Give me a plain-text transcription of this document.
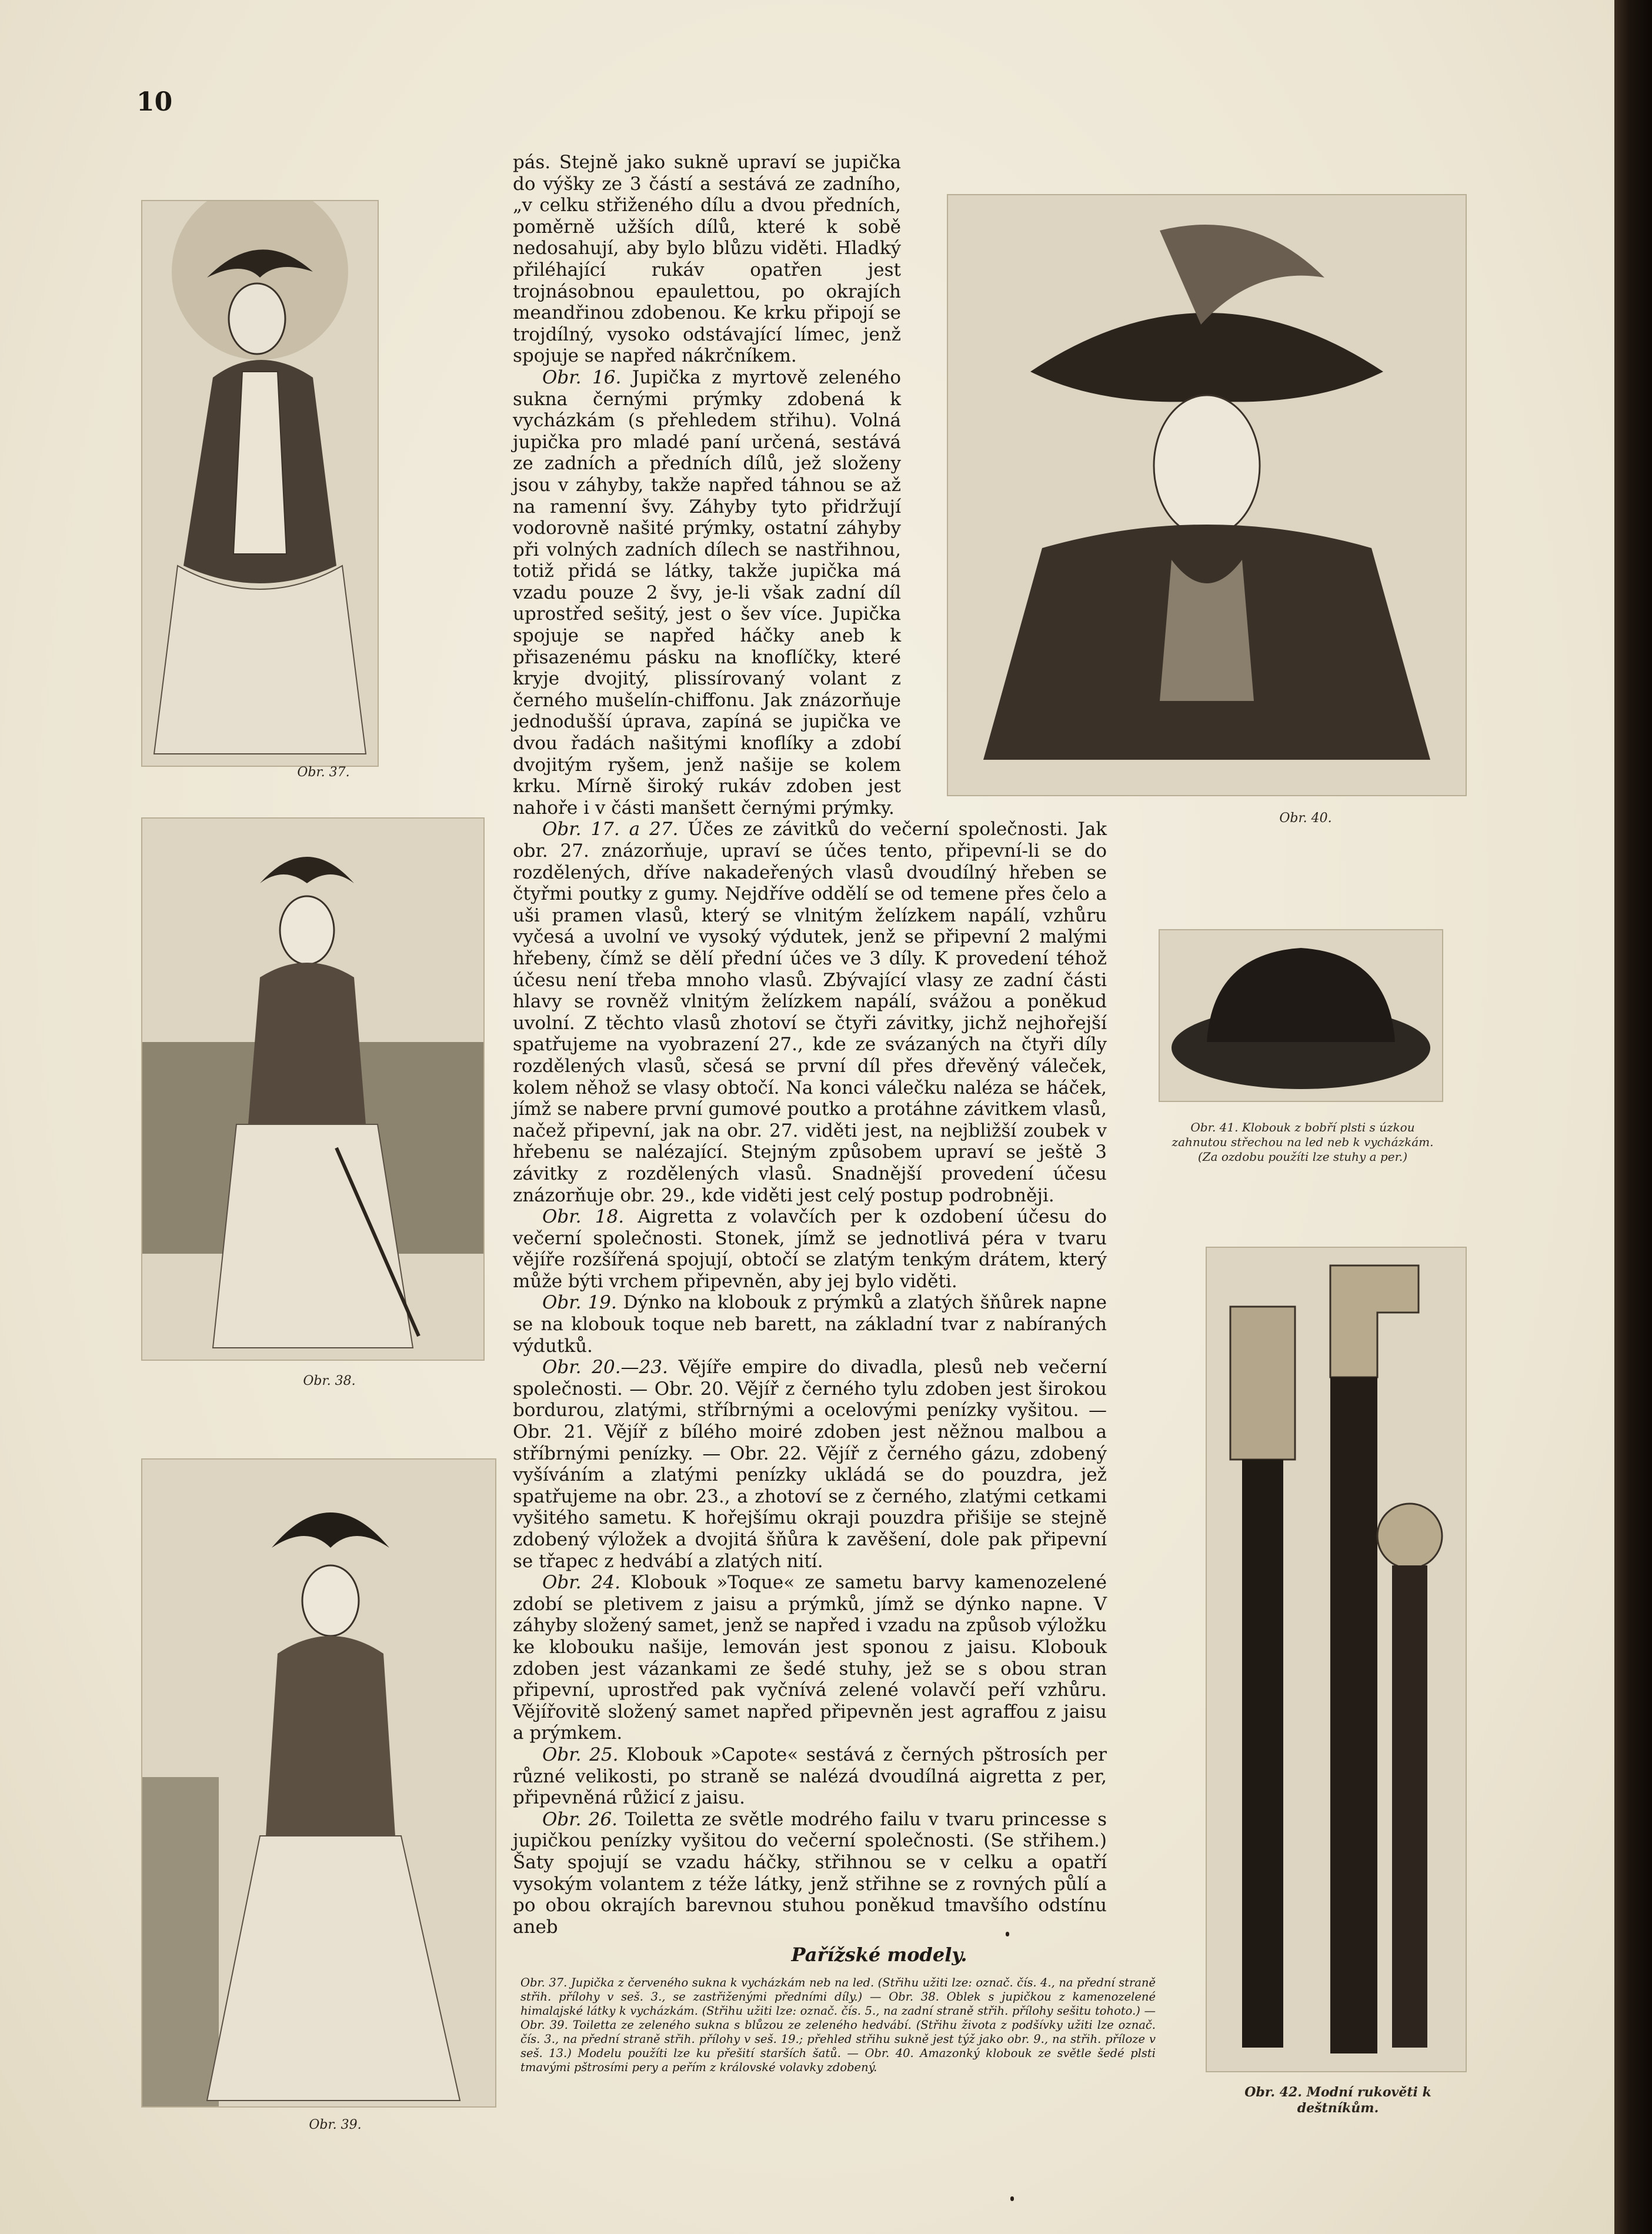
10
Obr. 37.
Obr. 38.
Obr. 39.

pás. Stejně jako sukně upraví se jupička do výšky ze 3 částí a sestává ze zadního,„v celku střiženého dílu a dvou předních, poměrně užších dílů, které k sobě nedosahují, aby bylo blůzu viděti. Hladký přiléhající rukáv opatřen jest trojnásobnou epaulettou, po okrajích meandřinou zdobenou. Ke krku připojí se trojdílný, vysoko odstávající límec, jenž spojuje se napřed nákrčníkem.

Obr. 16. Jupička z myrtově zeleného sukna černými prýmky zdobená k vycházkám (s přehledem střihu). Volná jupička pro mladé paní určená, sestává ze zadních a předních dílů, jež složeny jsou v záhyby, takže napřed táhnou se až na ramenní švy. Záhyby tyto přidržují vodorovně našité prýmky, ostatní záhyby při volných zadních dílech se nastřihnou, totiž přidá se látky, takže jupička má vzadu pouze 2 švy, je-li však zadní díl uprostřed sešitý, jest o šev více. Jupička spojuje se napřed háčky aneb k přisazenému pásku na knoflíčky, které kryje dvojitý, plissírovaný volant z černého mušelín-chiffonu. Jak znázorňuje jednodušší úprava, zapíná se jupička ve dvou řadách našitými knoflíky a zdobí dvojitým ryšem, jenž našije se kolem krku. Mírně široký rukáv zdoben jest nahoře i v části manšett černými prýmky.

Obr. 17. a 27. Účes ze závitků do večerní společnosti. Jak obr. 27. znázorňuje, upraví se účes tento, připevní-li se do rozdělených, dříve nakadeřených vlasů dvoudílný hřeben se čtyřmi poutky z gumy. Nejdříve oddělí se od temene přes čelo a uši pramen vlasů, který se vlnitým želízkem napálí, vzhůru vyčesá a uvolní ve vysoký výdutek, jenž se připevní 2 malými hřebeny, čímž se dělí přední účes ve 3 díly. K provedení téhož účesu není třeba mnoho vlasů. Zbývající vlasy ze zadní části hlavy se rovněž vlnitým želízkem napálí, svážou a poněkud uvolní. Z těchto vlasů zhotoví se čtyři závitky, jichž nejhořejší spatřujeme na vyobrazení 27., kde ze svázaných na čtyři díly rozdělených vlasů, sčesá se první díl přes dřevěný váleček, kolem něhož se vlasy obtočí. Na konci válečku naléza se háček, jímž se nabere první gumové poutko a protáhne závitkem vlasů, načež připevní, jak na obr. 27. viděti jest, na nejbližší zoubek v hřebenu se nalézající. Stejným způsobem upraví se ještě 3 závitky z rozdělených vlasů. Snadnější provedení účesu znázorňuje obr. 29., kde viděti jest celý postup podrobněji.

Obr. 18. Aigretta z volavčích per k ozdobení účesu do večerní společnosti. Stonek, jímž se jednotlivá péra v tvaru vějíře rozšířená spojují, obtočí se zlatým tenkým drátem, který může býti vrchem připevněn, aby jej bylo viděti.

Obr. 19. Dýnko na klobouk z prýmků a zlatých šňůrek napne se na klobouk toque neb barett, na základní tvar z nabíraných výdutků.

Obr. 20.—23. Vějíře empire do divadla, plesů neb večerní společnosti. — Obr. 20. Vějíř z černého tylu zdoben jest širokou bordurou, zlatými, stříbrnými a ocelovými penízky vyšitou. — Obr. 21. Vějíř z bílého moiré zdoben jest něžnou malbou a stříbrnými penízky. — Obr. 22. Vějíř z černého gázu, zdobený vyšíváním a zlatými penízky ukládá se do pouzdra, jež spatřujeme na obr. 23., a zhotoví se z černého, zlatými cetkami vyšitého sametu. K hořejšímu okraji pouzdra přišije se stejně zdobený výložek a dvojitá šňůra k zavěšení, dole pak připevní se třapec z hedvábí a zlatých nití.

Obr. 24. Klobouk »Toque« ze sametu barvy kamenozelené zdobí se pletivem z jaisu a prýmků, jímž se dýnko napne. V záhyby složený samet, jenž se napřed i vzadu na způsob výložku ke klobouku našije, lemován jest sponou z jaisu. Klobouk zdoben jest vázankami ze šedé stuhy, jež se s obou stran připevní, uprostřed pak vyčnívá zelené volavčí peří vzhůru. Vějířovitě složený samet napřed připevněn jest agraffou z jaisu a prýmkem.

Obr. 25. Klobouk »Capote« sestává z černých pštrosích per různé velikosti, po straně se nalézá dvoudílná aigretta z per, připevněná růžicí z jaisu.

Obr. 26. Toiletta ze světle modrého failu v tvaru princesse s jupičkou penízky vyšitou do večerní společnosti. (Se střihem.) Šaty spojují se vzadu háčky, střihnou se v celku a opatří vysokým volantem z téže látky, jenž střihne se z rovných půlí a po obou okrajích barevnou stuhou poněkud tmavšího odstínu aneb

Obr. 40.
Obr. 41. Klobouk z bobří plsti s úzkou zahnutou střechou na led neb k vycházkám. (Za ozdobu použíti lze stuhy a per.)
Obr. 42. Modní rukověti k deštníkům.
Pařížské modely.
Obr. 37. Jupička z červeného sukna k vycházkám neb na led. (Střihu užiti lze: označ. čís. 4., na přední straně střih. přílohy v seš. 3., se zastřiženými předními díly.) — Obr. 38. Oblek s jupičkou z kamenozelené himalajské látky k vycházkám. (Střihu užiti lze: označ. čís. 5., na zadní straně střih. přílohy sešitu tohoto.) — Obr. 39. Toiletta ze zeleného sukna s blůzou ze zeleného hedvábí. (Střihu života z podšívky užiti lze označ. čís. 3., na přední straně střih. přílohy v seš. 19.; přehled střihu sukně jest týž jako obr. 9., na střih. příloze v seš. 13.) Modelu použíti lze ku přešití starších šatů. — Obr. 40. Amazonký klobouk ze světle šedé plsti tmavými pštrosími pery a peřím z královské volavky zdobený.
